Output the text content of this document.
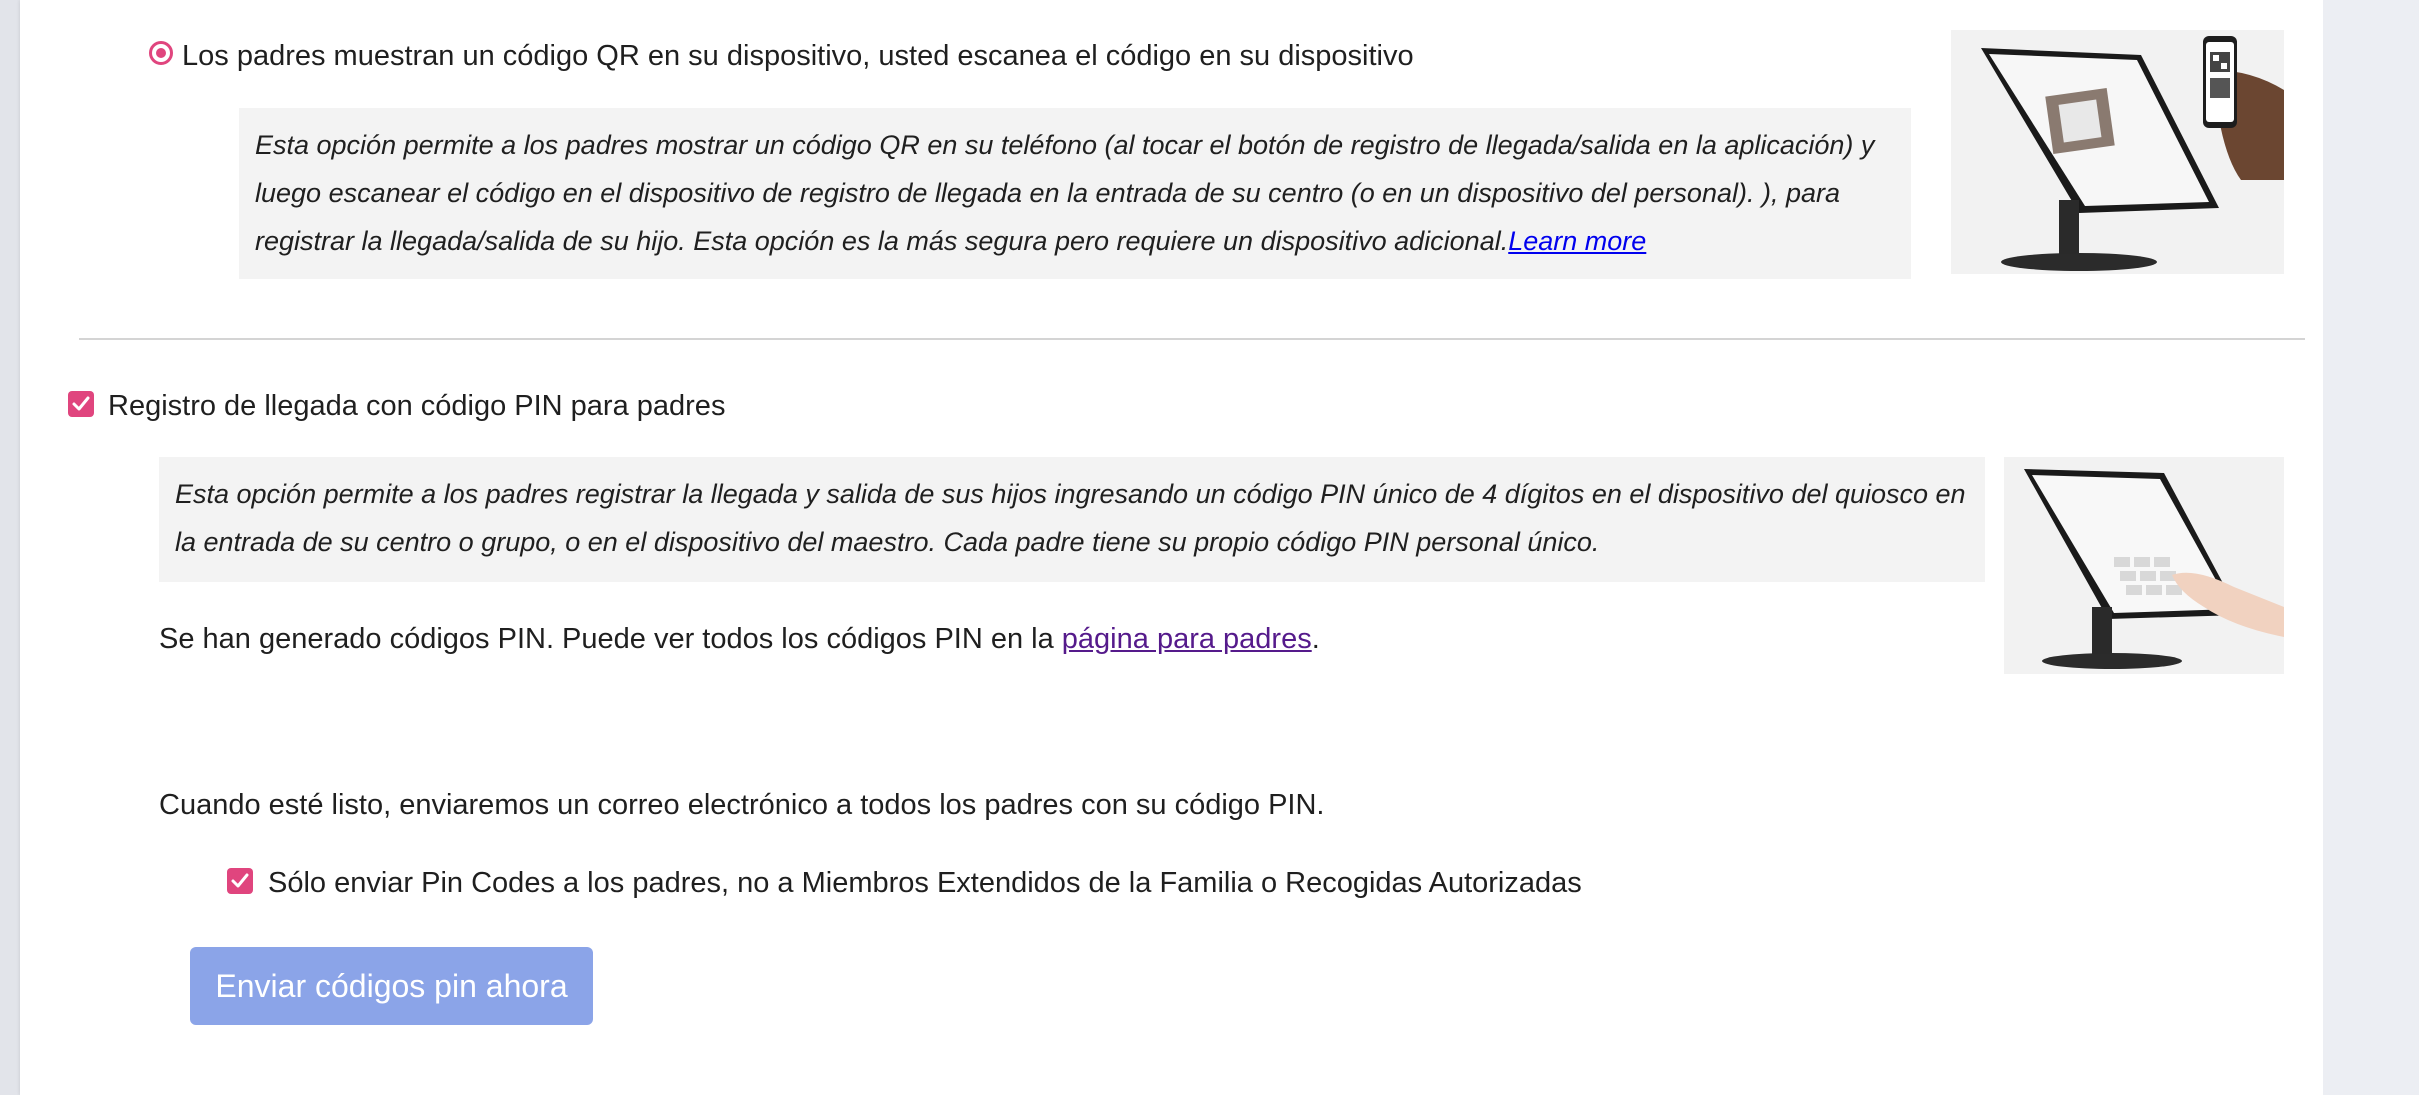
Los padres muestran un código QR en su dispositivo, usted escanea el código en su dispositivo
Esta opción permite a los padres mostrar un código QR en su teléfono (al tocar el botón de registro de llegada/salida en la aplicación) y luego escanear el código en el dispositivo de registro de llegada en la entrada de su centro (o en un dispositivo del personal). ), para registrar la llegada/salida de su hijo. Esta opción es la más segura pero requiere un dispositivo adicional.Learn more
Registro de llegada con código PIN para padres
Esta opción permite a los padres registrar la llegada y salida de sus hijos ingresando un código PIN único de 4 dígitos en el dispositivo del quiosco en la entrada de su centro o grupo, o en el dispositivo del maestro. Cada padre tiene su propio código PIN personal único.
Se han generado códigos PIN. Puede ver todos los códigos PIN en la página para padres.
Cuando esté listo, enviaremos un correo electrónico a todos los padres con su código PIN.
Sólo enviar Pin Codes a los padres, no a Miembros Extendidos de la Familia o Recogidas Autorizadas
Enviar códigos pin ahora
